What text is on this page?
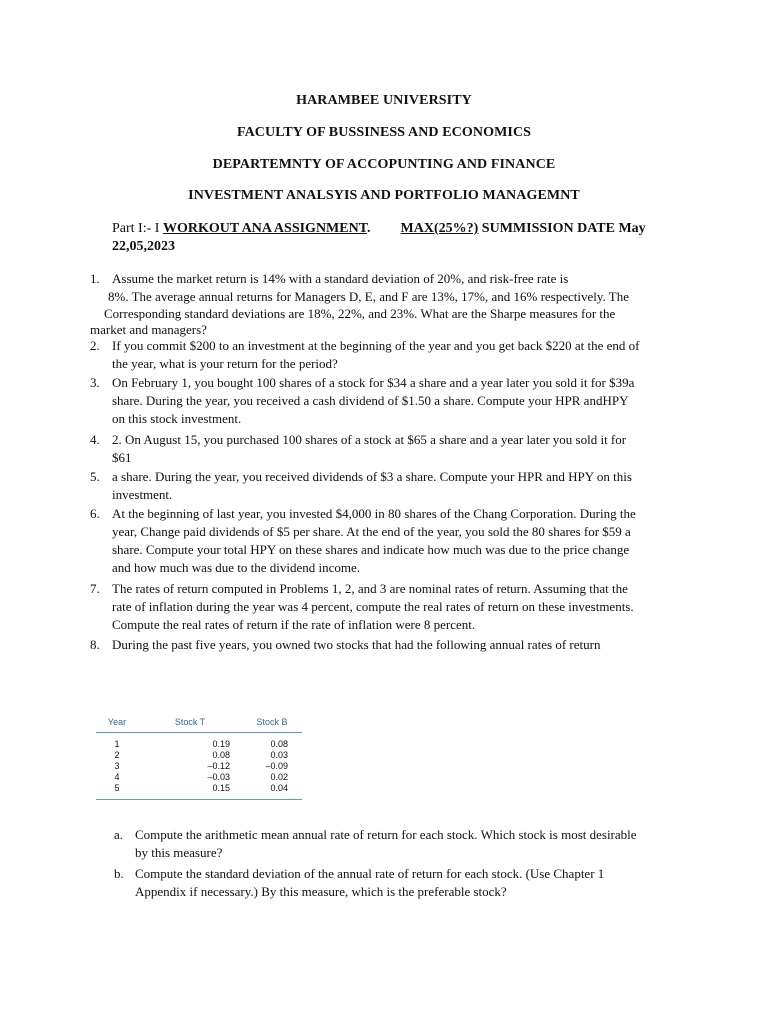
HARAMBEE UNIVERSITY
FACULTY OF BUSSINESS AND ECONOMICS
DEPARTEMNTY OF ACCOPUNTING AND FINANCE
INVESTMENT ANALSYIS AND PORTFOLIO MANAGEMNT
Part I:- I WORKOUT ANA ASSIGNMENT. MAX(25%?) SUMMISSION DATE May
22,05,2023
1. Assume the market return is 14% with a standard deviation of 20%, and risk-free rate is
8%. The average annual returns for Managers D, E, and F are 13%, 17%, and 16% respectively. The
Corresponding standard deviations are 18%, 22%, and 23%. What are the Sharpe measures for the
market and managers?
2. If you commit $200 to an investment at the beginning of the year and you get back $220 at the end of
the year, what is your return for the period?
3. On February 1, you bought 100 shares of a stock for $34 a share and a year later you sold it for $39a
share. During the year, you received a cash dividend of $1.50 a share. Compute your HPR andHPY
on this stock investment.
4. 2. On August 15, you purchased 100 shares of a stock at $65 a share and a year later you sold it for
$61
5. a share. During the year, you received dividends of $3 a share. Compute your HPR and HPY on this
investment.
6. At the beginning of last year, you invested $4,000 in 80 shares of the Chang Corporation. During the
year, Change paid dividends of $5 per share. At the end of the year, you sold the 80 shares for $59 a
share. Compute your total HPY on these shares and indicate how much was due to the price change
and how much was due to the dividend income.
7. The rates of return computed in Problems 1, 2, and 3 are nominal rates of return. Assuming that the
rate of inflation during the year was 4 percent, compute the real rates of return on these investments.
Compute the real rates of return if the rate of inflation were 8 percent.
8. During the past five years, you owned two stocks that had the following annual rates of return
Year	Stock T	Stock B
1	0.19	0.08
2	0.08	0.03
3	–0.12	–0.09
4	–0.03	0.02
5	0.15	0.04
a. Compute the arithmetic mean annual rate of return for each stock. Which stock is most desirable
by this measure?
b. Compute the standard deviation of the annual rate of return for each stock. (Use Chapter 1
Appendix if necessary.) By this measure, which is the preferable stock?
